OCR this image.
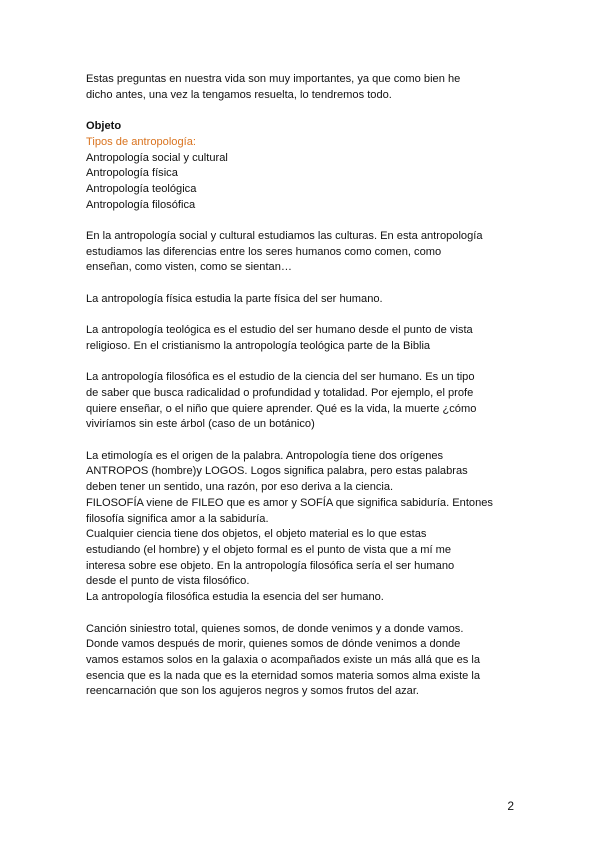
Estas preguntas en nuestra vida son muy importantes, ya que como bien he
dicho antes, una vez la tengamos resuelta, lo tendremos todo.
Objeto
Tipos de antropología:
Antropología social y cultural
Antropología física
Antropología teológica
Antropología filosófica
En la antropología social y cultural estudiamos las culturas. En esta antropología
estudiamos las diferencias entre los seres humanos como comen, como
enseñan, como visten, como se sientan…
La antropología física estudia la parte física del ser humano.
La antropología teológica es el estudio del ser humano desde el punto de vista
religioso. En el cristianismo la antropología teológica parte de la Biblia
La antropología filosófica es el estudio de la ciencia del ser humano. Es un tipo
de saber que busca radicalidad o profundidad y totalidad. Por ejemplo, el profe
quiere enseñar, o el niño que quiere aprender. Qué es la vida, la muerte ¿cómo
viviríamos sin este árbol (caso de un botánico)
La etimología es el origen de la palabra. Antropología tiene dos orígenes
ANTROPOS (hombre)y LOGOS. Logos significa palabra, pero estas palabras
deben tener un sentido, una razón, por eso deriva a la ciencia.
FILOSOFÍA viene de FILEO que es amor y SOFÍA que significa sabiduría. Entones
filosofía significa amor a la sabiduría.
Cualquier ciencia tiene dos objetos, el objeto material es lo que estas
estudiando (el hombre) y el objeto formal es el punto de vista que a mí me
interesa sobre ese objeto. En la antropología filosófica sería el ser humano
desde el punto de vista filosófico.
La antropología filosófica estudia la esencia del ser humano.
Canción siniestro total, quienes somos, de donde venimos y a donde vamos.
Donde vamos después de morir, quienes somos de dónde venimos a donde
vamos estamos solos en la galaxia o acompañados existe un más allá que es la
esencia que es la nada que es la eternidad somos materia somos alma existe la
reencarnación que son los agujeros negros y somos frutos del azar.
2
